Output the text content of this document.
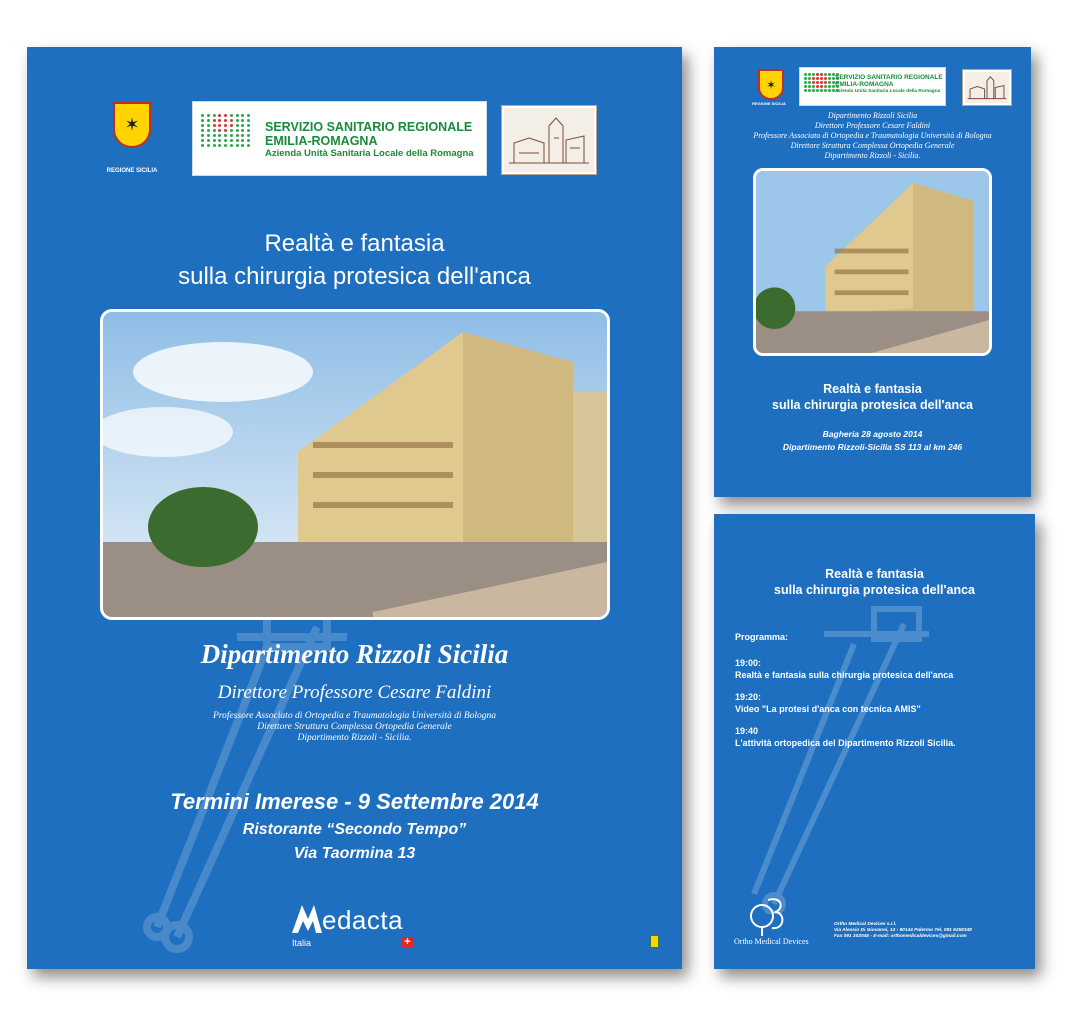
✶
REGIONE SICILIA
SERVIZIO SANITARIO REGIONALE
EMILIA-ROMAGNA
Azienda Unità Sanitaria Locale della Romagna
Realtà e fantasia
sulla chirurgia protesica dell'anca
Dipartimento Rizzoli Sicilia
Direttore Professore Cesare Faldini
Professore Associato di Ortopedia e Traumatologia Università di Bologna
Direttore Struttura Complessa Ortopedia Generale
Dipartimento Rizzoli - Sicilia.
Termini Imerese - 9 Settembre 2014
Ristorante “Secondo Tempo”
Via Taormina 13
edacta
Italia	+
✶
REGIONE SICILIA
SERVIZIO SANITARIO REGIONALE
EMILIA-ROMAGNA
Azienda Unità Sanitaria Locale della Romagna
Dipartimento Rizzoli Sicilia
Direttore Professore Cesare Faldini
Professore Associato di Ortopedia e Traumatologia Università di Bologna
Direttore Struttura Complessa Ortopedia Generale
Dipartimento Rizzoli - Sicilia.
Realtà e fantasia
sulla chirurgia protesica dell'anca
Bagheria 28 agosto 2014
Dipartimento Rizzoli-Sicilia SS 113 al km 246
Realtà e fantasia
sulla chirurgia protesica dell'anca
Programma:
19:00:
Realtà e fantasia sulla chirurgia protesica dell'anca
19:20:
Video "La protesi d'anca con tecnica AMIS"
19:40
L'attività ortopedica del Dipartimento Rizzoli Sicilia.
Ortho Medical Devices
Ortho Medical Devices s.r.l.
Via Alessio Di Giovanni, 14 - 90144 Palermo Tel. 091 6258348
Fax 091 302045 - E-mail: orthomedicaldevices@gmail.com
